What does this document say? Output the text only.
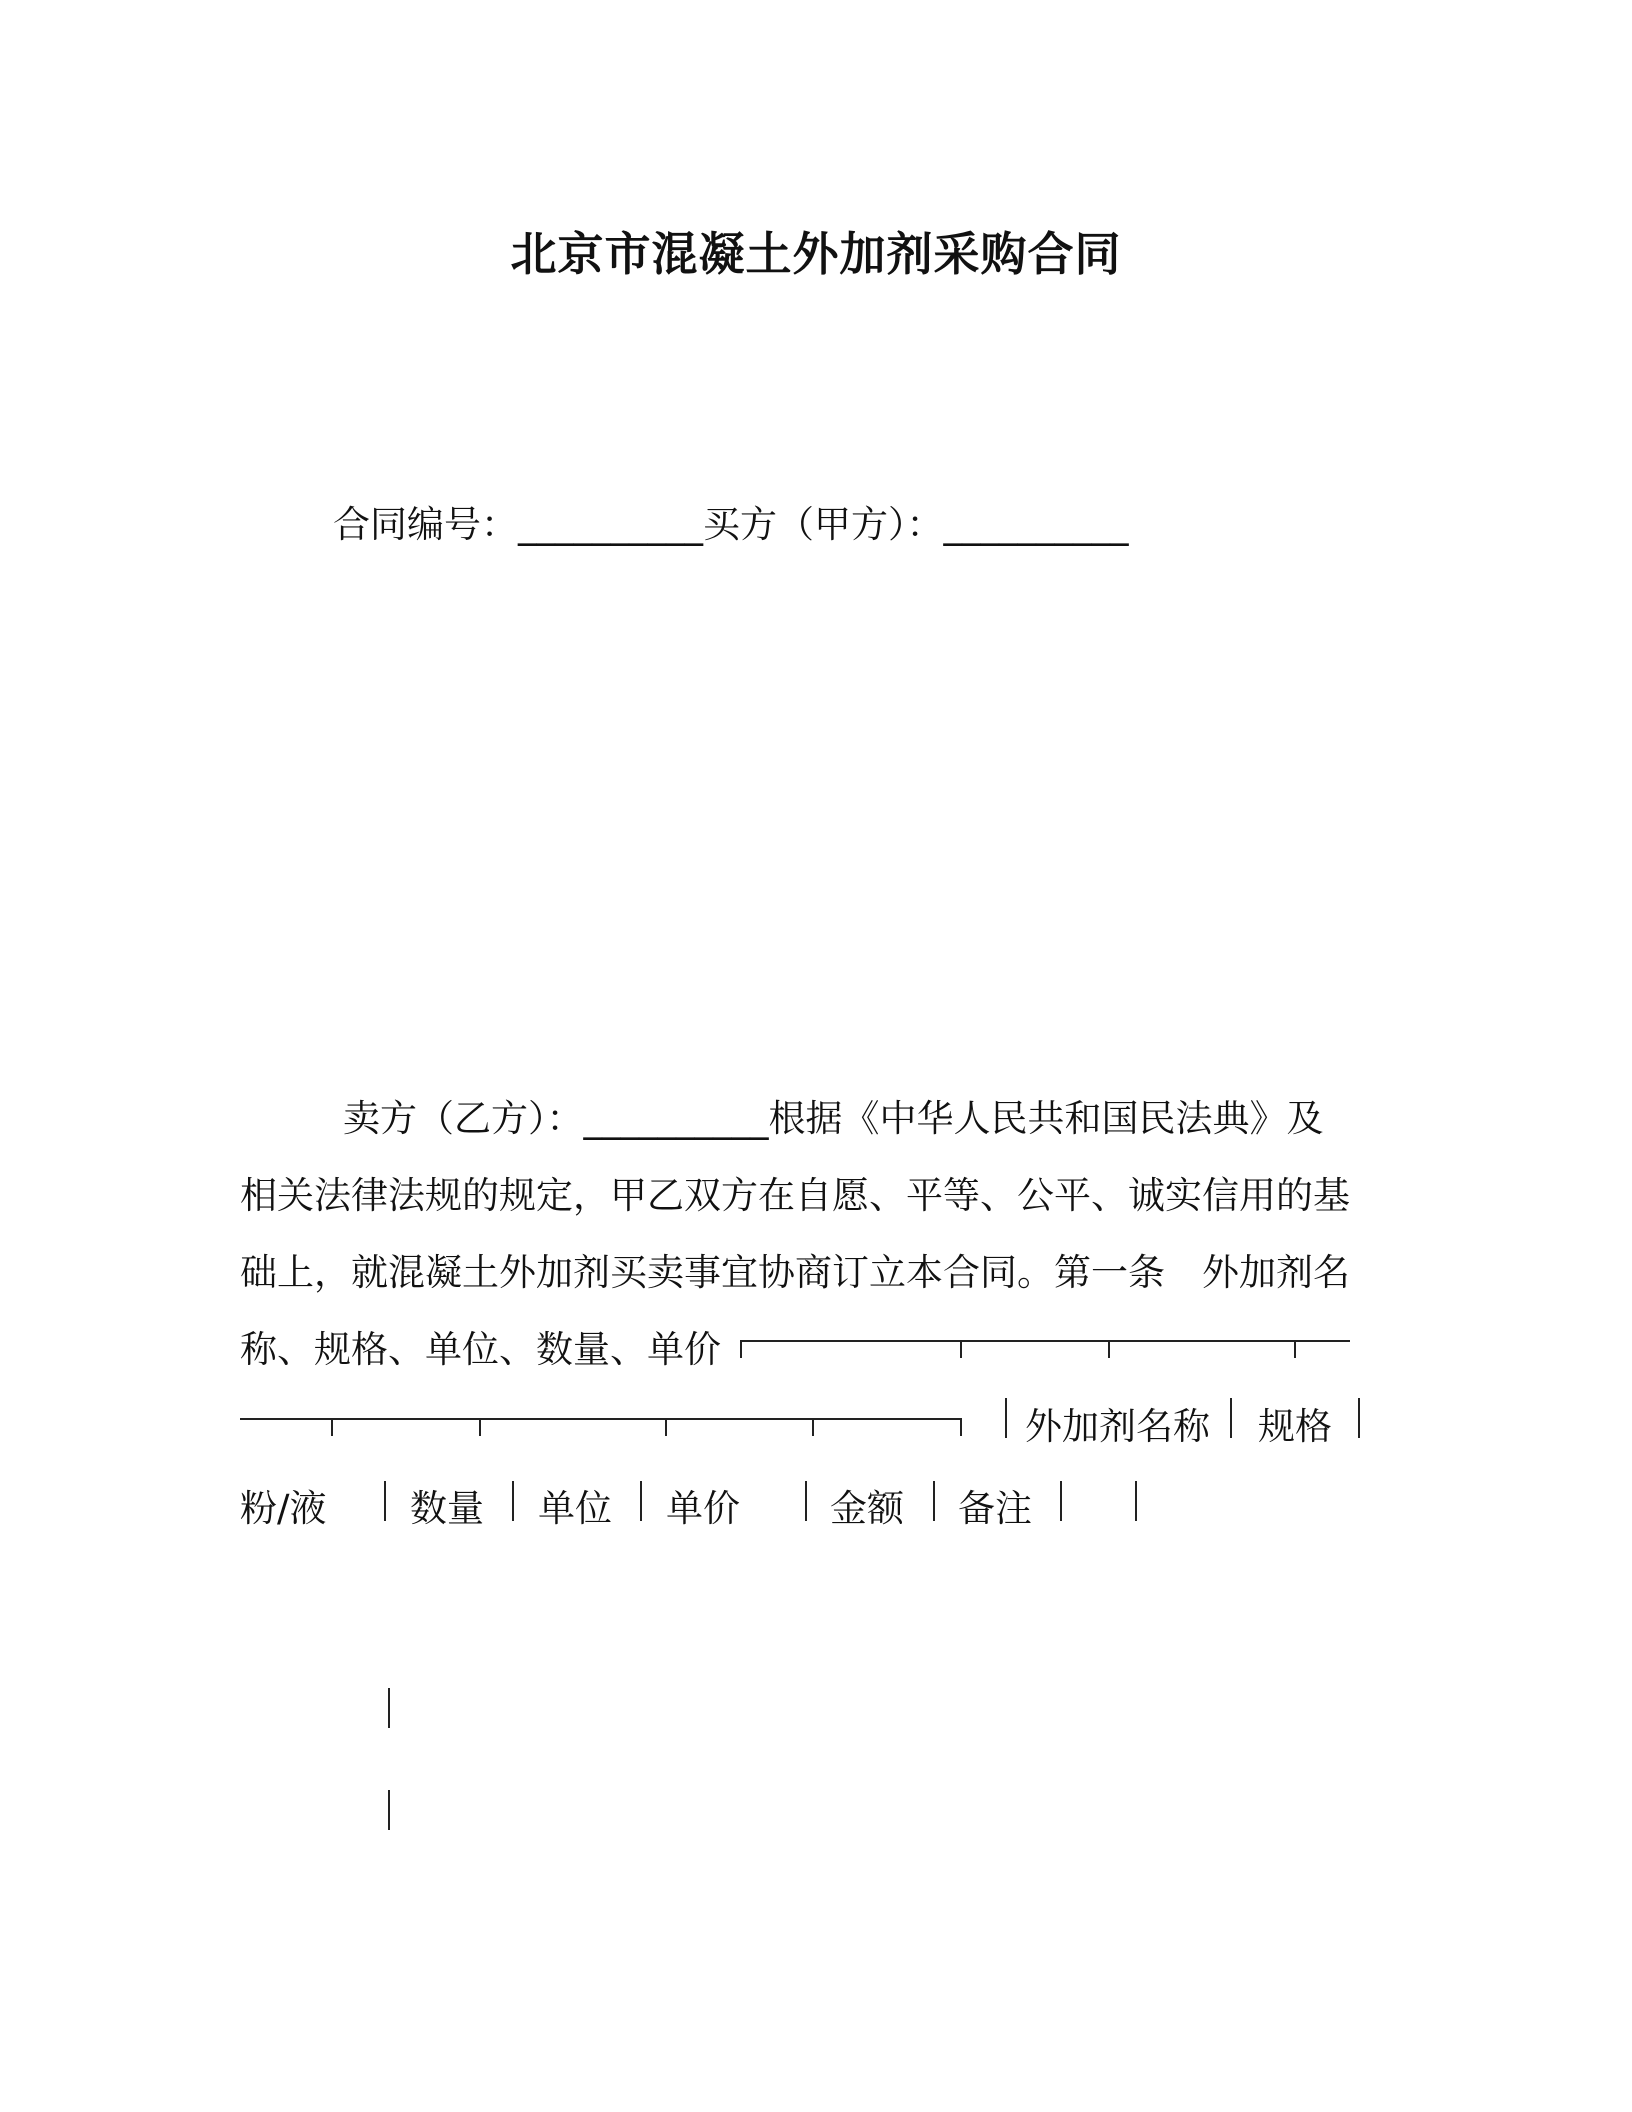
北京市混凝土外加剂采购合同
合同编号：__________买方（甲方）：__________
卖方（乙方）：__________根据《中华人民共和国民法典》及
相关法律法规的规定，甲乙双方在自愿、平等、公平、诚实信用的基
础上，就混凝土外加剂买卖事宜协商订立本合同。第一条　外加剂名
称、规格、单位、数量、单价
外加剂名称 规格
粉/液 数量 单位 单价 金额 备注
